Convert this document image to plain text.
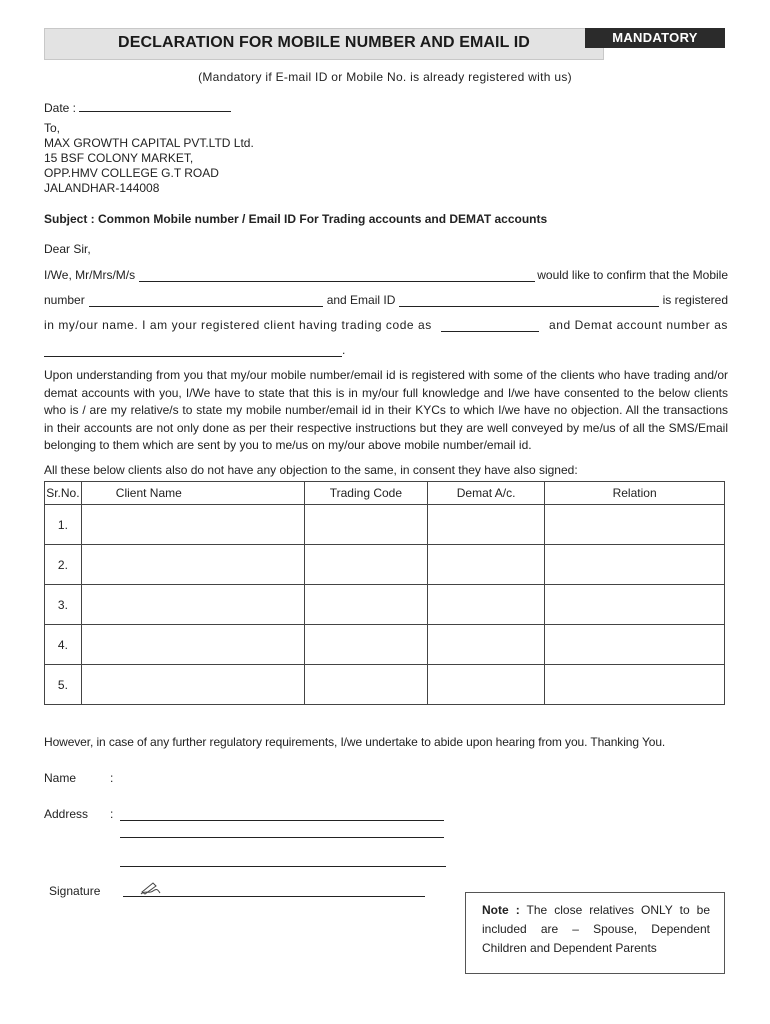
DECLARATION FOR MOBILE NUMBER AND EMAIL ID	MANDATORY
(Mandatory if E-mail ID or Mobile No. is already registered with us)
Date :
To,
MAX GROWTH CAPITAL PVT.LTD Ltd.
15 BSF COLONY MARKET,
OPP.HMV COLLEGE G.T ROAD
JALANDHAR-144008
Subject : Common Mobile number / Email ID For Trading accounts and DEMAT accounts
Dear Sir,
I/We, Mr/Mrs/M/s	would like to confirm that the Mobile
number	and Email ID	is registered
in my/our name. I am your registered client having trading code as	and Demat account number as
.
Upon understanding from you that my/our mobile number/email id is registered with some of the clients who have trading and/or demat accounts with you, I/We have to state that this is in my/our full knowledge and I/we have consented to the below clients who is / are my relative/s to state my mobile number/email id in their KYCs to which I/we have no objection. All the transactions in their accounts are not only done as per their respective instructions but they are well conveyed by me/us of all the SMS/Email belonging to them which are sent by you to me/us on my/our above mobile number/email id.
All these below clients also do not have any objection to the same, in consent they have also signed:
Sr.No.	Client Name	Trading Code	Demat A/c.	Relation
1.				
2.				
3.				
4.				
5.				
However, in case of any further regulatory requirements, I/we undertake to abide upon hearing from you. Thanking You.
Name	:
Address :
Signature
Note : The close relatives ONLY to be included are – Spouse, Dependent Children and Dependent Parents
